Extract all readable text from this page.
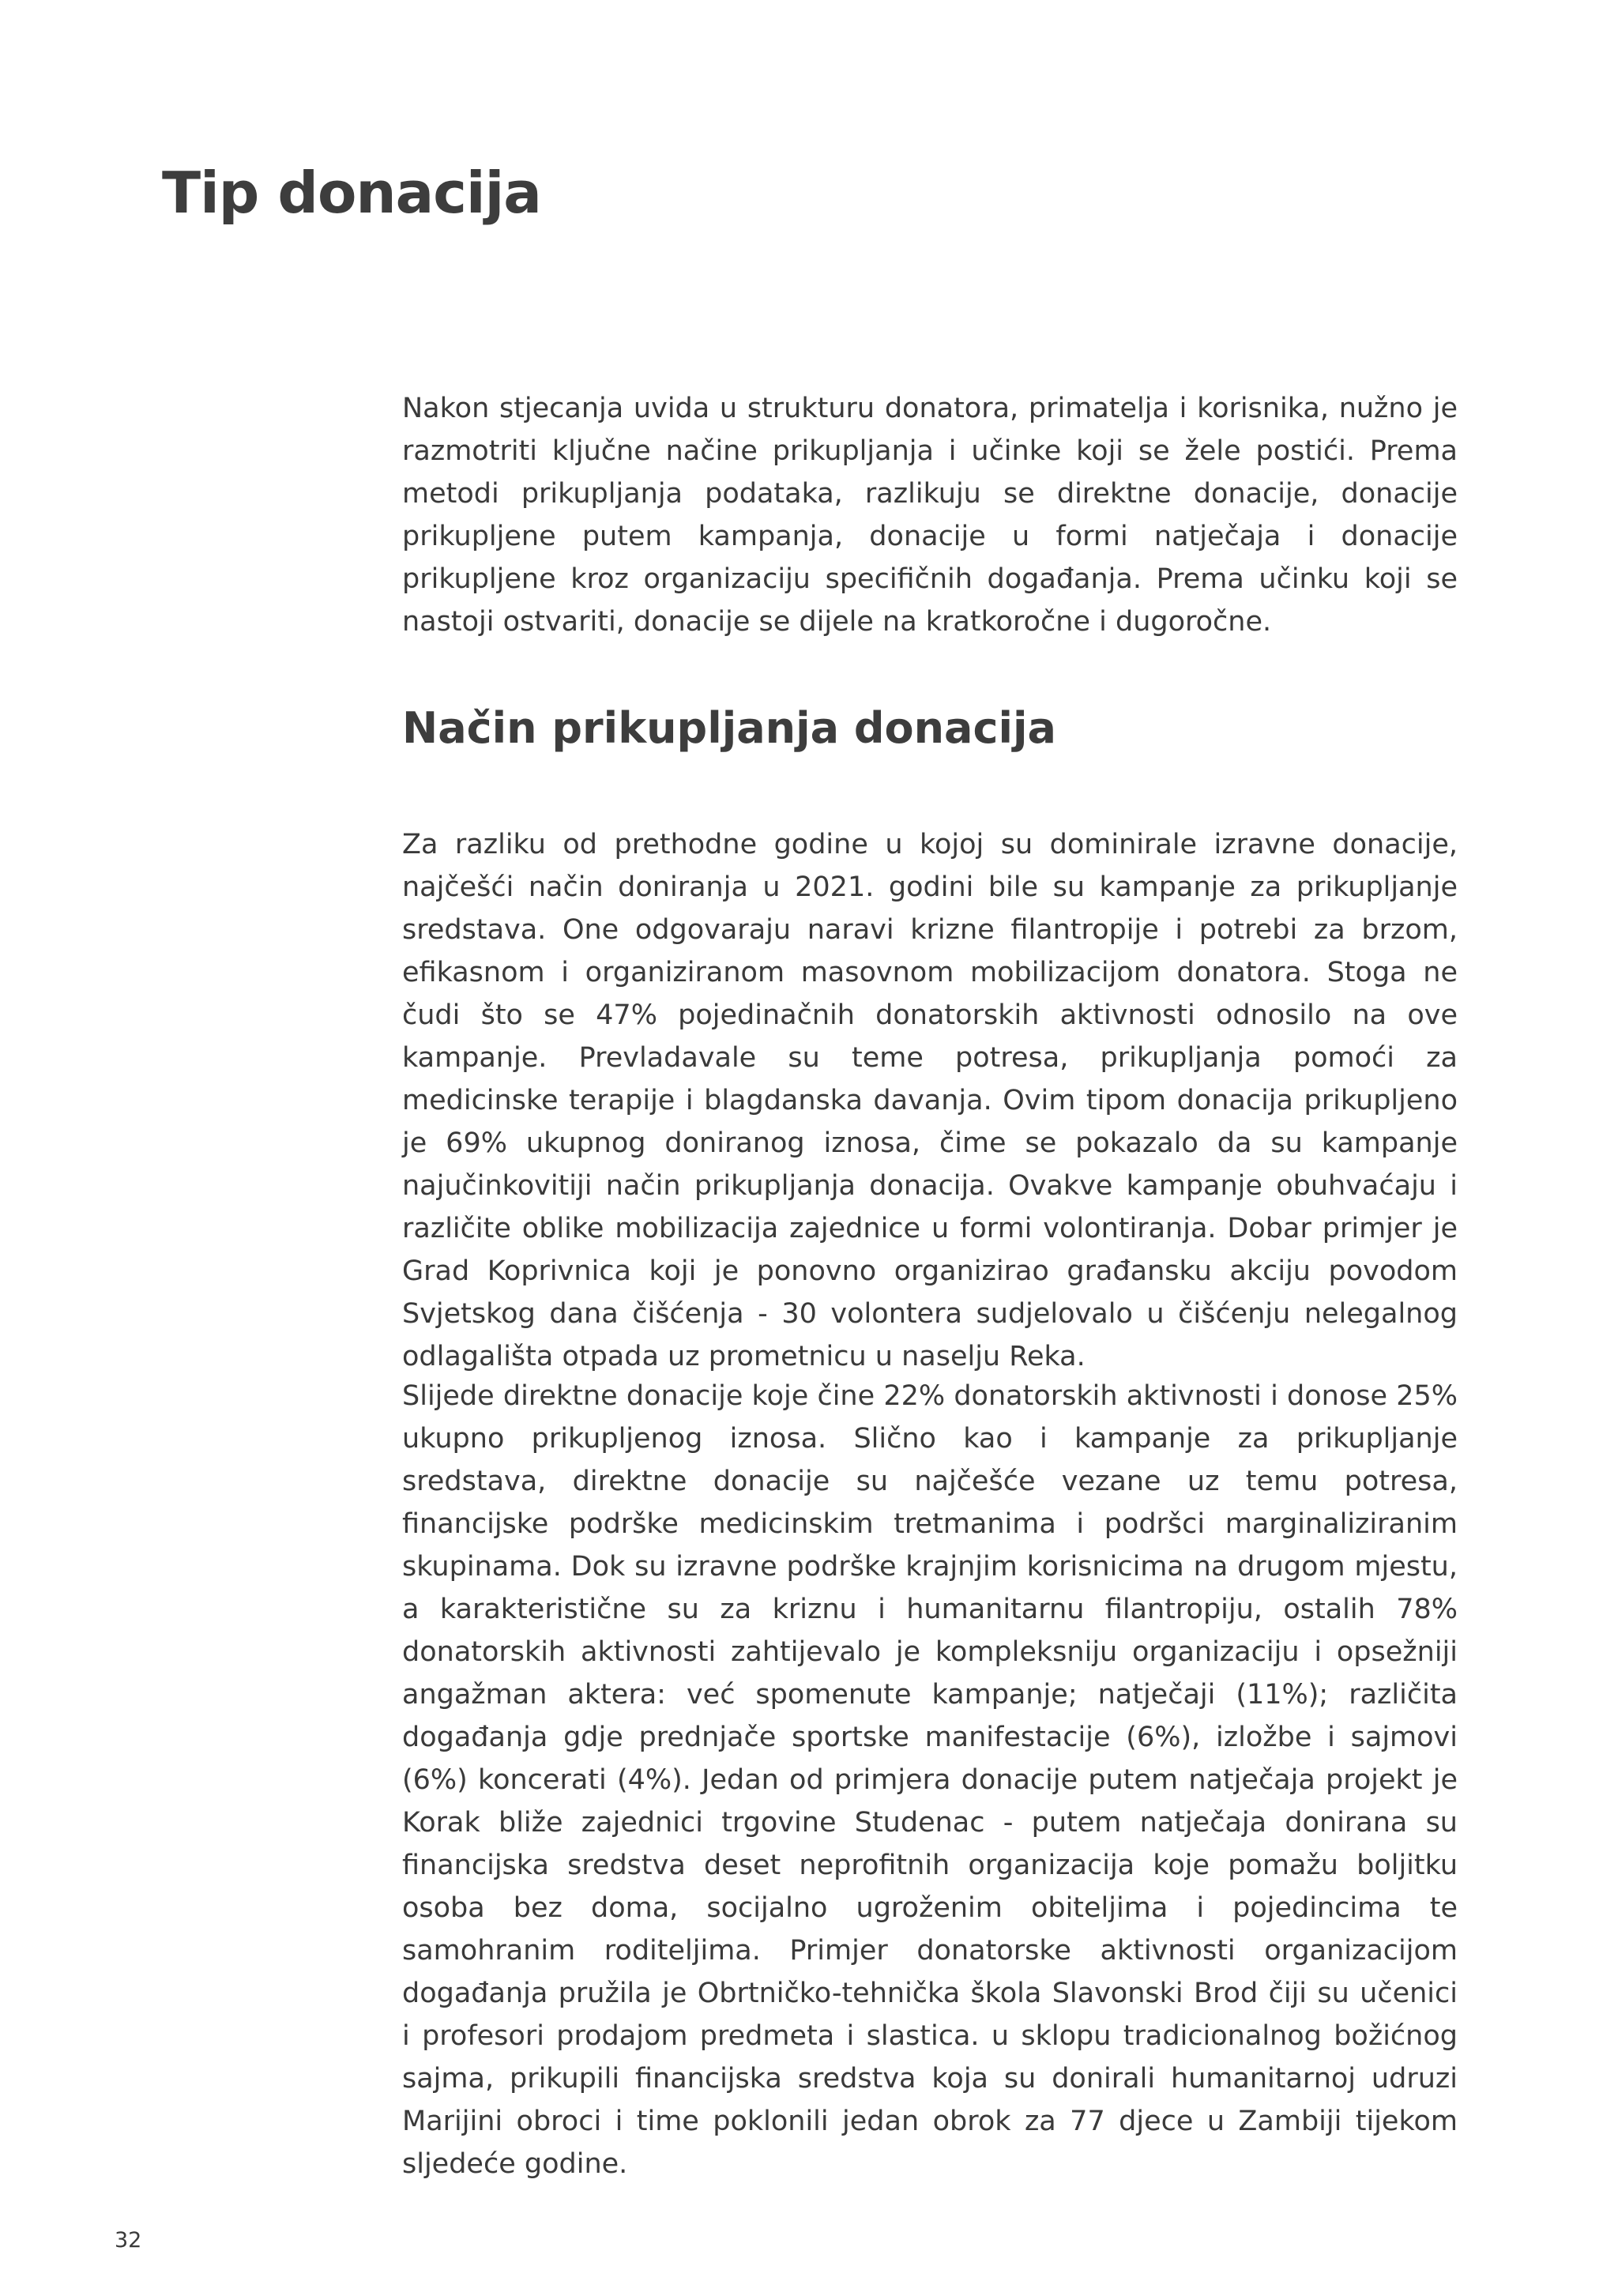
Tip donacija

Nakon stjecanja uvida u strukturu donatora, primatelja i korisnika, nužno je razmotriti ključne načine prikupljanja i učinke koji se žele postići. Prema metodi prikupljanja podataka, razlikuju se direktne donacije, donacije prikupljene putem kampanja, donacije u formi natječaja i donacije prikupljene kroz organizaciju specifičnih događanja. Prema učinku koji se nastoji ostvariti, donacije se dijele na kratkoročne i dugoročne.

Način prikupljanja donacija

Za razliku od prethodne godine u kojoj su dominirale izravne donacije, najčešći način doniranja u 2021. godini bile su kampanje za prikupljanje sredstava. One odgovaraju naravi krizne filantropije i potrebi za brzom, efikasnom i organiziranom masovnom mobilizacijom donatora. Stoga ne čudi što se 47% pojedinačnih donatorskih aktivnosti odnosilo na ove kampanje. Prevladavale su teme potresa, prikupljanja pomoći za medicinske terapije i blagdanska davanja. Ovim tipom donacija prikupljeno je 69% ukupnog doniranog iznosa, čime se pokazalo da su kampanje najučinkovitiji način prikupljanja donacija. Ovakve kampanje obuhvaćaju i različite oblike mobilizacija zajednice u formi volontiranja. Dobar primjer je Grad Koprivnica koji je ponovno organizirao građansku akciju povodom Svjetskog dana čišćenja - 30 volontera sudjelovalo u čišćenju nelegalnog odlagališta otpada uz prometnicu u naselju Reka.

Slijede direktne donacije koje čine 22% donatorskih aktivnosti i donose 25% ukupno prikupljenog iznosa. Slično kao i kampanje za prikupljanje sredstava, direktne donacije su najčešće vezane uz temu potresa, financijske podrške medicinskim tretmanima i podršci marginaliziranim skupinama. Dok su izravne podrške krajnjim korisnicima na drugom mjestu, a karakteristične su za kriznu i humanitarnu filantropiju, ostalih 78% donatorskih aktivnosti zahtijevalo je kompleksniju organizaciju i opsežniji angažman aktera: već spomenute kampanje; natječaji (11%); različita događanja gdje prednjače sportske manifestacije (6%), izložbe i sajmovi (6%) koncerati (4%). Jedan od primjera donacije putem natječaja projekt je Korak bliže zajednici trgovine Studenac - putem natječaja donirana su financijska sredstva deset neprofitnih organizacija koje pomažu boljitku osoba bez doma, socijalno ugroženim obiteljima i pojedincima te samohranim roditeljima. Primjer donatorske aktivnosti organizacijom događanja pružila je Obrtničko-tehnička škola Slavonski Brod čiji su učenici i profesori prodajom predmeta i slastica. u sklopu tradicionalnog božićnog sajma, prikupili financijska sredstva koja su donirali humanitarnoj udruzi Marijini obroci i time poklonili jedan obrok za 77 djece u Zambiji tijekom sljedeće godine.

32
